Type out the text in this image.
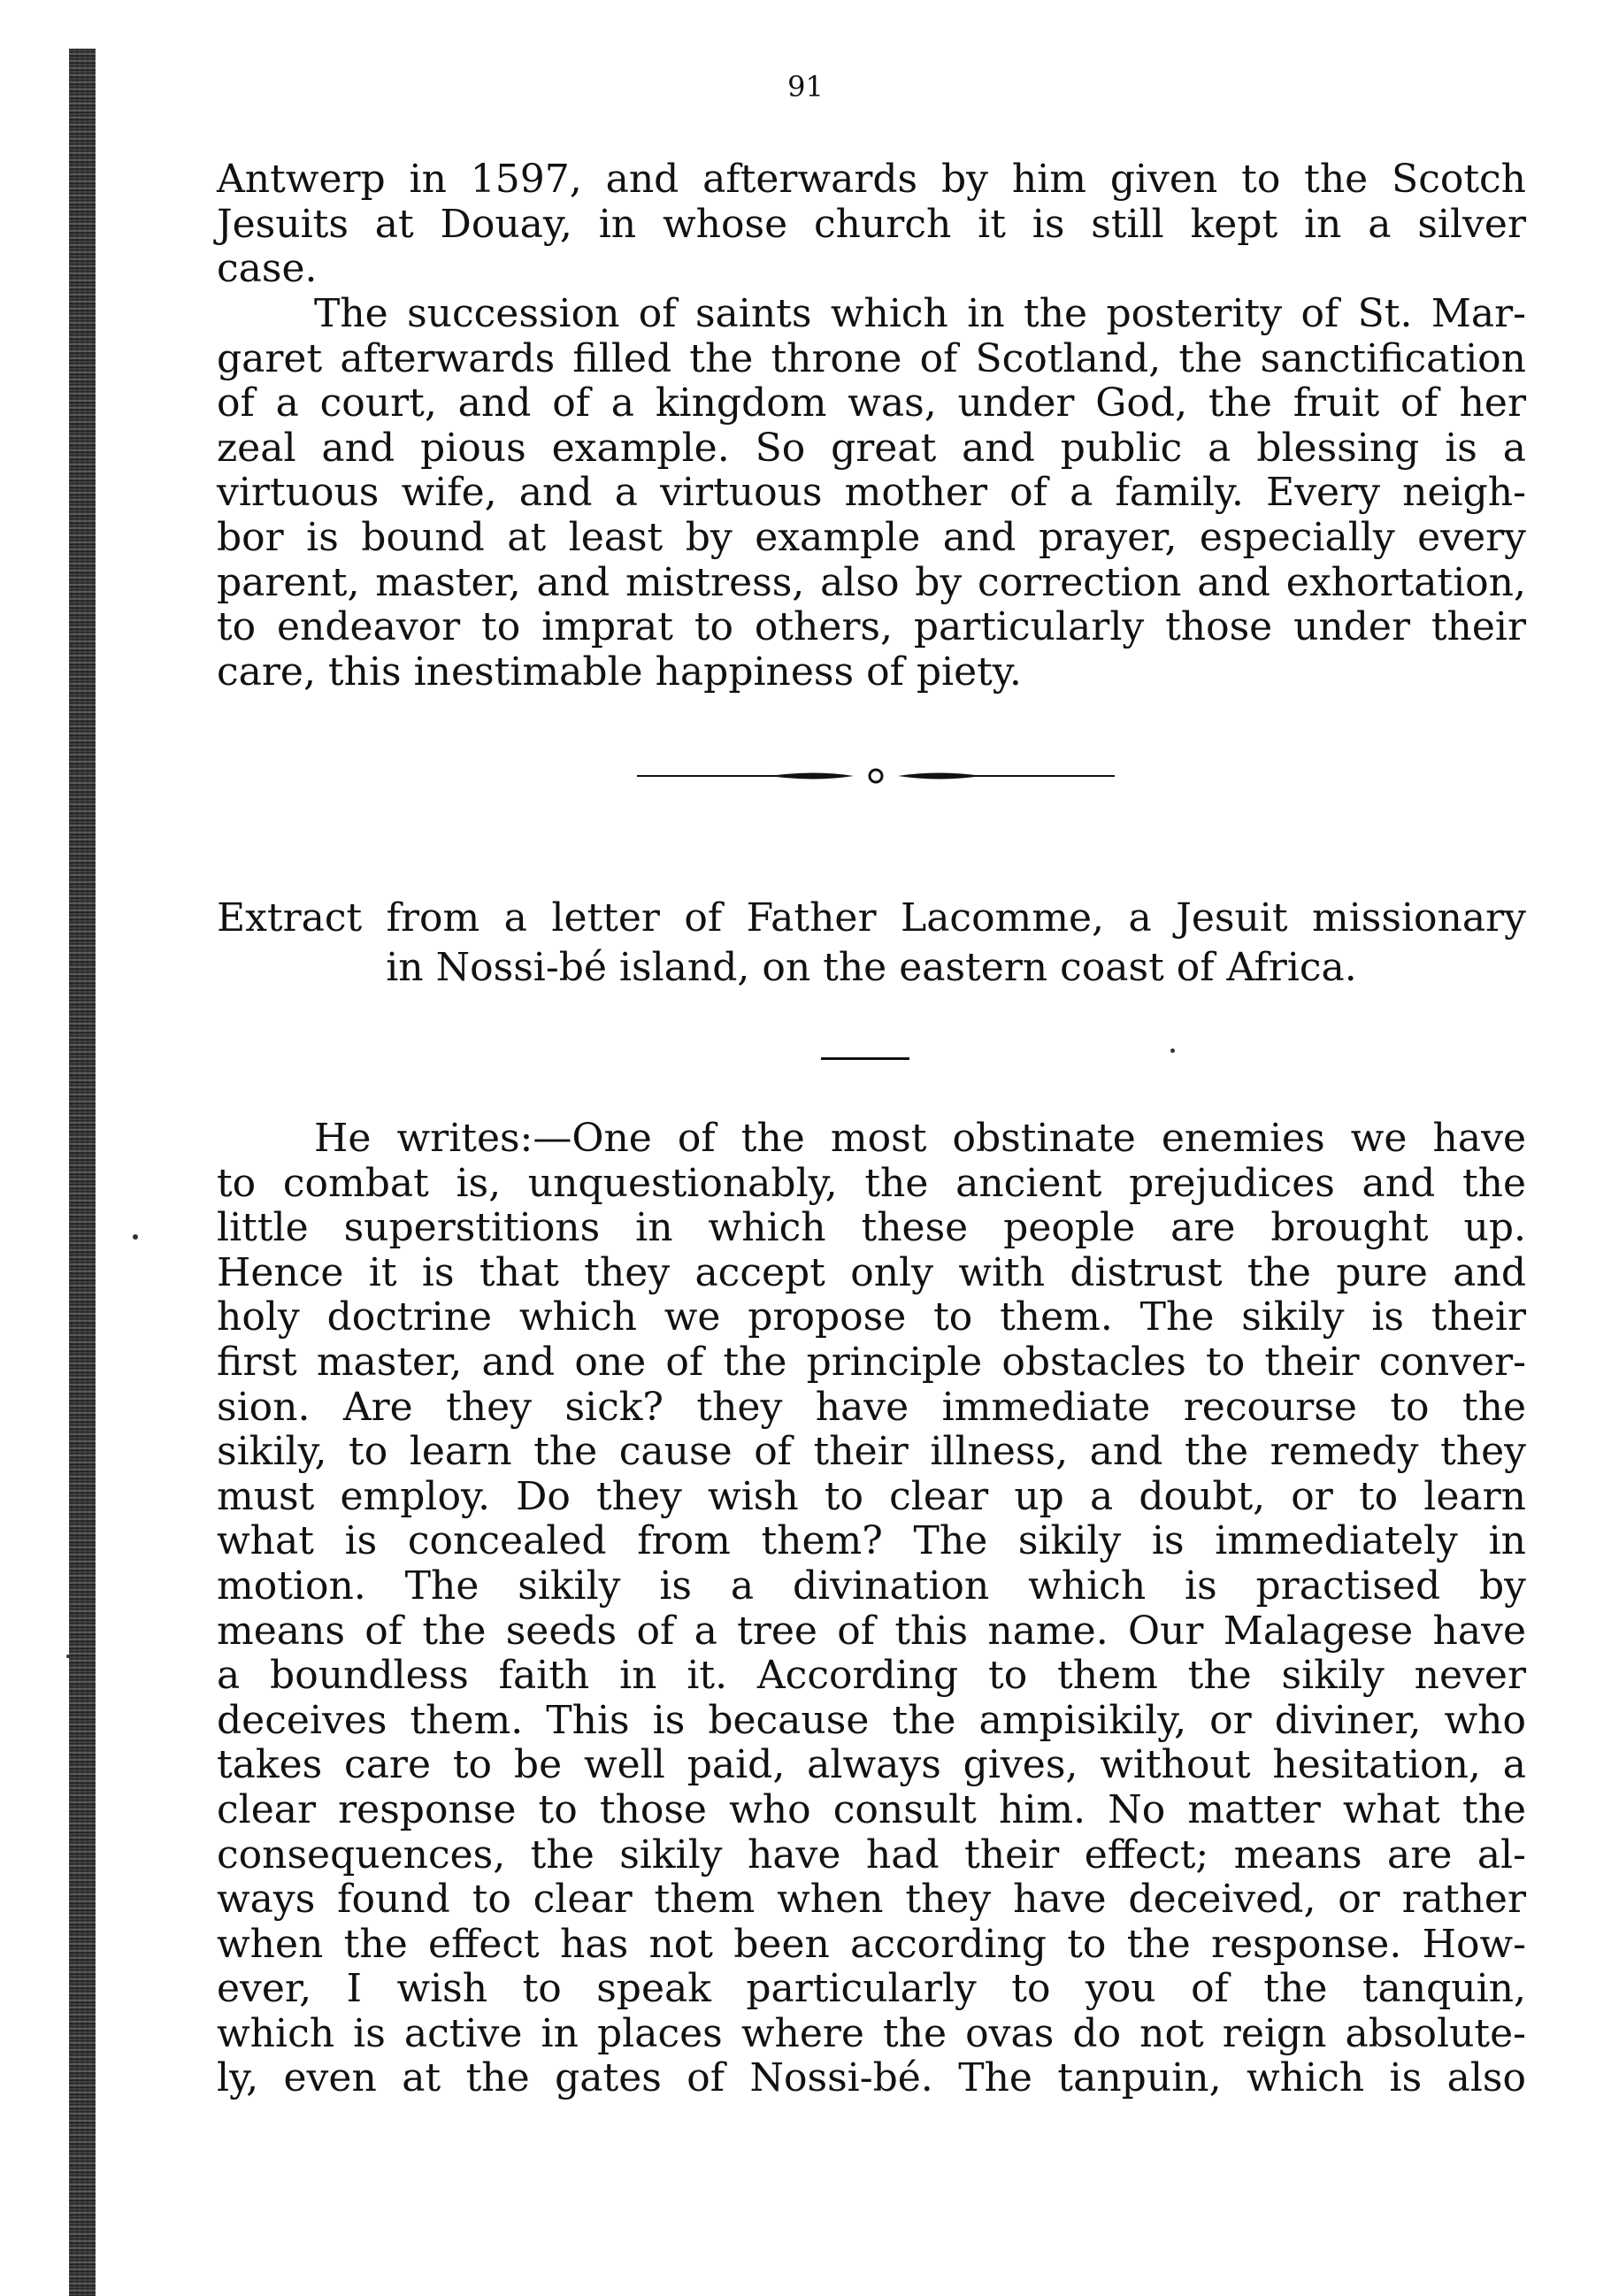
91
Antwerp in 1597, and afterwards by him given to the Scotch
Jesuits at Douay, in whose church it is still kept in a silver
case.
The succession of saints which in the posterity of St. Mar-
garet afterwards filled the throne of Scotland, the sanctification
of a court, and of a kingdom was, under God, the fruit of her
zeal and pious example. So great and public a blessing is a
virtuous wife, and a virtuous mother of a family. Every neigh-
bor is bound at least by example and prayer, especially every
parent, master, and mistress, also by correction and exhortation,
to endeavor to imprat to others, particularly those under their
care, this inestimable happiness of piety.
Extract from a letter of Father Lacomme, a Jesuit missionary
in Nossi-bé island, on the eastern coast of Africa.
He writes:—One of the most obstinate enemies we have
to combat is, unquestionably, the ancient prejudices and the
little superstitions in which these people are brought up.
Hence it is that they accept only with distrust the pure and
holy doctrine which we propose to them. The sikily is their
first master, and one of the principle obstacles to their conver-
sion. Are they sick? they have immediate recourse to the
sikily, to learn the cause of their illness, and the remedy they
must employ. Do they wish to clear up a doubt, or to learn
what is concealed from them? The sikily is immediately in
motion. The sikily is a divination which is practised by
means of the seeds of a tree of this name. Our Malagese have
a boundless faith in it. According to them the sikily never
deceives them. This is because the ampisikily, or diviner, who
takes care to be well paid, always gives, without hesitation, a
clear response to those who consult him. No matter what the
consequences, the sikily have had their effect; means are al-
ways found to clear them when they have deceived, or rather
when the effect has not been according to the response. How-
ever, I wish to speak particularly to you of the tanquin,
which is active in places where the ovas do not reign absolute-
ly, even at the gates of Nossi-bé. The tanpuin, which is also
